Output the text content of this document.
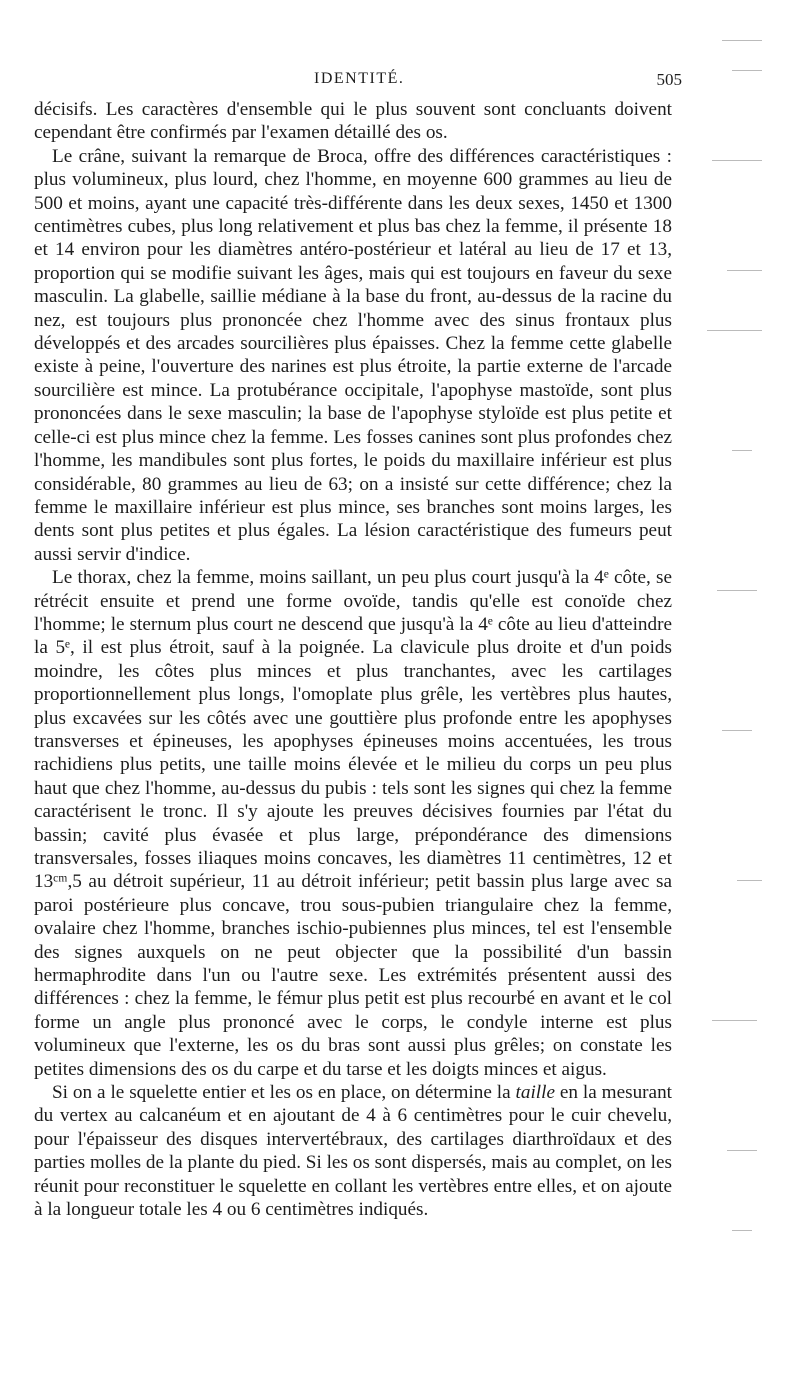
IDENTITÉ.	505

décisifs. Les caractères d'ensemble qui le plus souvent sont concluants doivent cependant être confirmés par l'examen détaillé des os.

Le crâne, suivant la remarque de Broca, offre des différences caractéristiques : plus volumineux, plus lourd, chez l'homme, en moyenne 600 grammes au lieu de 500 et moins, ayant une capacité très-différente dans les deux sexes, 1450 et 1300 centimètres cubes, plus long relativement et plus bas chez la femme, il présente 18 et 14 environ pour les diamètres antéro-postérieur et latéral au lieu de 17 et 13, proportion qui se modifie suivant les âges, mais qui est toujours en faveur du sexe masculin. La glabelle, saillie médiane à la base du front, au-dessus de la racine du nez, est toujours plus prononcée chez l'homme avec des sinus frontaux plus développés et des arcades sourcilières plus épaisses. Chez la femme cette glabelle existe à peine, l'ouverture des narines est plus étroite, la partie externe de l'arcade sourcilière est mince. La protubérance occipitale, l'apophyse mastoïde, sont plus prononcées dans le sexe masculin; la base de l'apophyse styloïde est plus petite et celle-ci est plus mince chez la femme. Les fosses canines sont plus profondes chez l'homme, les mandibules sont plus fortes, le poids du maxillaire inférieur est plus considérable, 80 grammes au lieu de 63; on a insisté sur cette différence; chez la femme le maxillaire inférieur est plus mince, ses branches sont moins larges, les dents sont plus petites et plus égales. La lésion caractéristique des fumeurs peut aussi servir d'indice.

Le thorax, chez la femme, moins saillant, un peu plus court jusqu'à la 4ᵉ côte, se rétrécit ensuite et prend une forme ovoïde, tandis qu'elle est conoïde chez l'homme; le sternum plus court ne descend que jusqu'à la 4ᵉ côte au lieu d'atteindre la 5ᵉ, il est plus étroit, sauf à la poignée. La clavicule plus droite et d'un poids moindre, les côtes plus minces et plus tranchantes, avec les cartilages proportionnellement plus longs, l'omoplate plus grêle, les vertèbres plus hautes, plus excavées sur les côtés avec une gouttière plus profonde entre les apophyses transverses et épineuses, les apophyses épineuses moins accentuées, les trous rachidiens plus petits, une taille moins élevée et le milieu du corps un peu plus haut que chez l'homme, au-dessus du pubis : tels sont les signes qui chez la femme caractérisent le tronc. Il s'y ajoute les preuves décisives fournies par l'état du bassin; cavité plus évasée et plus large, prépondérance des dimensions transversales, fosses iliaques moins concaves, les diamètres 11 centimètres, 12 et 13ᶜᵐ,5 au détroit supérieur, 11 au détroit inférieur; petit bassin plus large avec sa paroi postérieure plus concave, trou sous-pubien triangulaire chez la femme, ovalaire chez l'homme, branches ischio-pubiennes plus minces, tel est l'ensemble des signes auxquels on ne peut objecter que la possibilité d'un bassin hermaphrodite dans l'un ou l'autre sexe. Les extrémités présentent aussi des différences : chez la femme, le fémur plus petit est plus recourbé en avant et le col forme un angle plus prononcé avec le corps, le condyle interne est plus volumineux que l'externe, les os du bras sont aussi plus grêles; on constate les petites dimensions des os du carpe et du tarse et les doigts minces et aigus.

Si on a le squelette entier et les os en place, on détermine la taille en la mesurant du vertex au calcanéum et en ajoutant de 4 à 6 centimètres pour le cuir chevelu, pour l'épaisseur des disques intervertébraux, des cartilages diarthroïdaux et des parties molles de la plante du pied. Si les os sont dispersés, mais au complet, on les réunit pour reconstituer le squelette en collant les vertèbres entre elles, et on ajoute à la longueur totale les 4 ou 6 centimètres indiqués.
